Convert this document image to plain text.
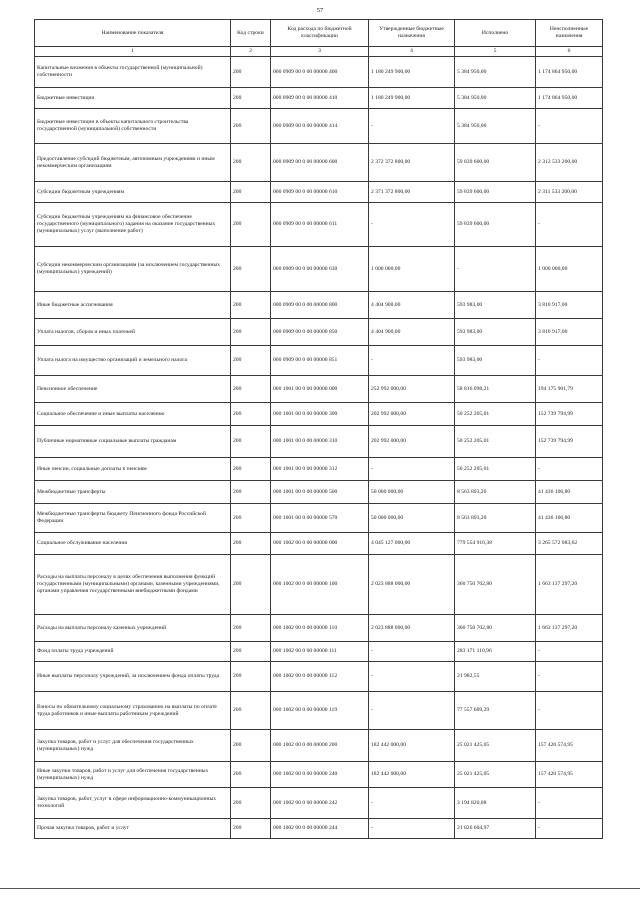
57
Наименование показателя	Код строки	Код расхода по бюджетной классификации	Утвержденные бюджетные назначения	Исполнено	Неисполненные назначения
1	2	3	4	5	6
Капитальные вложения в объекты государственной (муниципальной) собственности	200	000 0909 00 0 00 00000 400	1 180 249 900,00	5 384 950,00	1 174 864 950,00
Бюджетные инвестиции	200	000 0909 00 0 00 00000 410	1 180 249 900,00	5 384 950,00	1 174 864 950,00
Бюджетные инвестиции в объекты капитального строительства государственной (муниципальной) собственности	200	000 0909 00 0 00 00000 414	-	5 384 950,00	-
Предоставление субсидий бюджетным, автономным учреждениям и иным некоммерческим организациям	200	000 0909 00 0 00 00000 600	2 372 372 800,00	59 839 600,00	2 312 533 200,00
Субсидии бюджетным учреждениям	200	000 0909 00 0 00 00000 610	2 371 372 800,00	59 839 600,00	2 311 533 200,00
Субсидии бюджетным учреждениям на финансовое обеспечение государственного (муниципального) задания на оказание государственных (муниципальных) услуг (выполнение работ)	200	000 0909 00 0 00 00000 611	-	59 839 600,00	-
Субсидии некоммерческим организациям (за исключением государственных (муниципальных) учреждений)	200	000 0909 00 0 00 00000 630	1 000 000,00	-	1 000 000,00
Иные бюджетные ассигнования	200	000 0909 00 0 00 00000 800	4 404 900,00	593 983,00	3 810 917,00
Уплата налогов, сборов и иных платежей	200	000 0909 00 0 00 00000 850	4 404 900,00	593 983,00	3 810 917,00
Уплата налога на имущество организаций и земельного налога	200	000 0909 00 0 00 00000 851	-	593 983,00	-
Пенсионное обеспечение	200	000 1001 00 0 00 00000 000	252 992 000,00	58 816 098,21	194 175 901,79
Социальное обеспечение и иные выплаты населению	200	000 1001 00 0 00 00000 300	202 992 000,00	50 252 205,01	152 739 794,99
Публичные нормативные социальные выплаты гражданам	200	000 1001 00 0 00 00000 310	202 992 000,00	50 252 205,01	152 739 794,99
Иные пенсии, социальные доплаты к пенсиям	200	000 1001 00 0 00 00000 312	-	50 252 205,01	-
Межбюджетные трансферты	200	000 1001 00 0 00 00000 500	50 000 000,00	8 563 893,20	41 436 106,80
Межбюджетные трансферты бюджету Пенсионного фонда Российской Федерации	200	000 1001 00 0 00 00000 570	50 000 000,00	8 563 893,20	41 436 106,80
Социальное обслуживание населения	200	000 1002 00 0 00 00000 000	4 045 127 000,00	779 554 916,38	3 265 572 083,62
Расходы на выплаты персоналу в целях обеспечения выполнения функций государственными (муниципальными) органами, казенными учреждениями, органами управления государственными внебюджетными фондами	200	000 1002 00 0 00 00000 100	2 023 888 000,00	360 750 702,80	1 663 137 297,20
Расходы на выплаты персоналу казенных учреждений	200	000 1002 00 0 00 00000 110	2 023 888 000,00	360 750 702,80	1 663 137 297,20
Фонд оплаты труда учреждений	200	000 1002 00 0 00 00000 111	-	283 171 110,96	-
Иные выплаты персоналу учреждений, за исключением фонда оплаты труда	200	000 1002 00 0 00 00000 112	-	21 982,55	-
Взносы по обязательному социальному страхованию на выплаты по оплате труда работников и иные выплаты работникам учреждений	200	000 1002 00 0 00 00000 119	-	77 557 609,29	-
Закупка товаров, работ и услуг для обеспечения государственных (муниципальных) нужд	200	000 1002 00 0 00 00000 200	182 442 000,00	25 021 425,05	157 420 574,95
Иные закупки товаров, работ и услуг для обеспечения государственных (муниципальных) нужд	200	000 1002 00 0 00 00000 240	182 442 000,00	25 021 425,05	157 420 574,95
Закупка товаров, работ, услуг в сфере информационно-коммуникационных технологий	200	000 1002 00 0 00 00000 242	-	3 194 820,08	-
Прочая закупка товаров, работ и услуг	200	000 1002 00 0 00 00000 244	-	21 826 604,97	-
